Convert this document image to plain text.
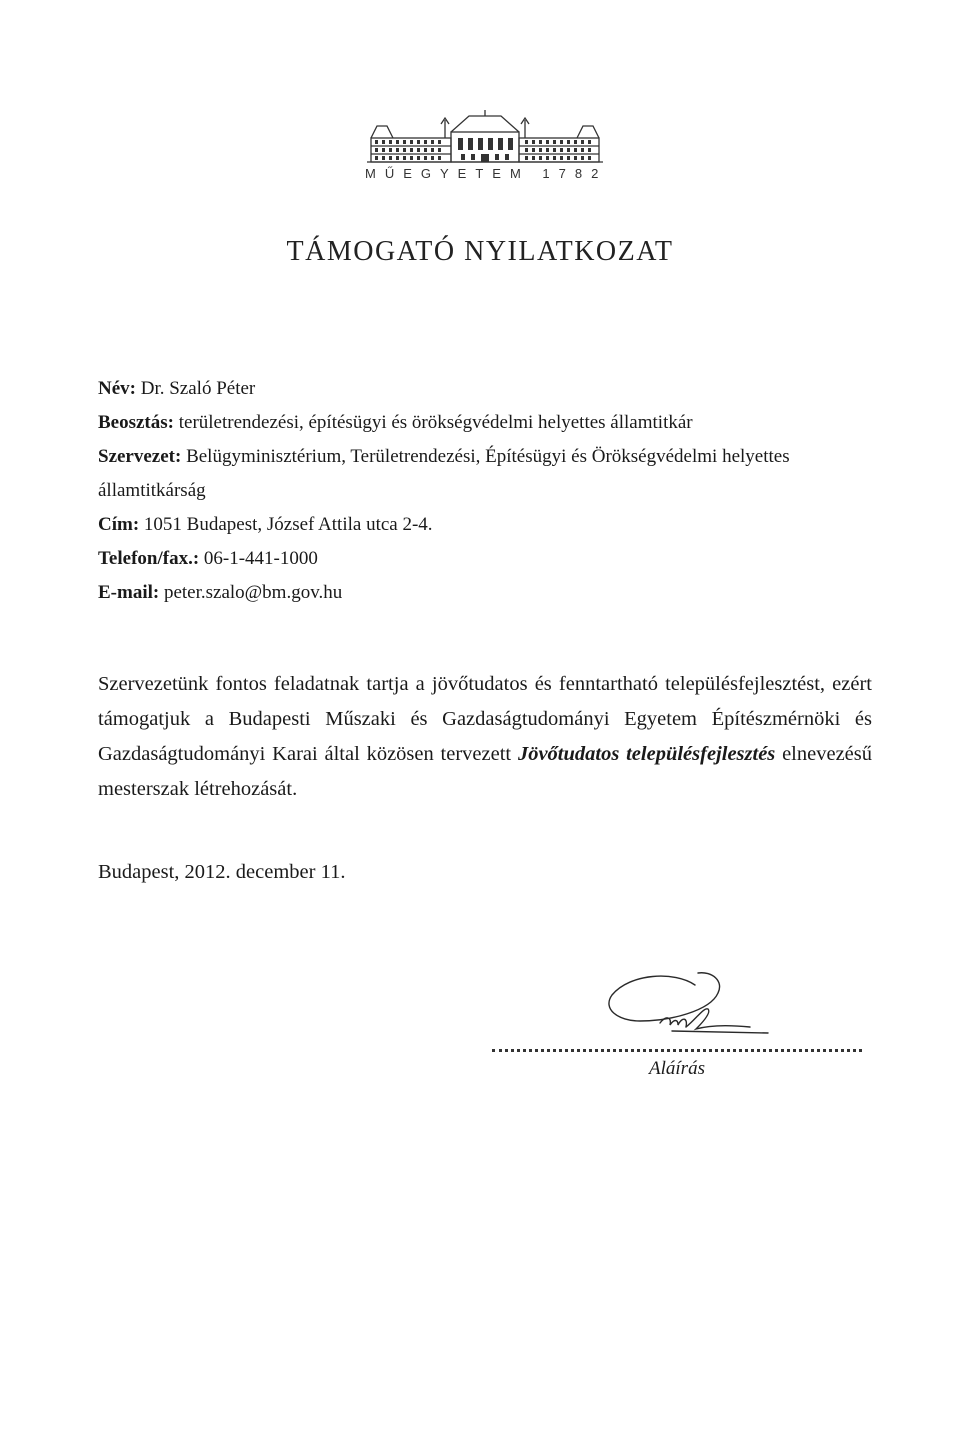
MŰEGYETEM 1782
TÁMOGATÓ NYILATKOZAT
Név: Dr. Szaló Péter
Beosztás: területrendezési, építésügyi és örökségvédelmi helyettes államtitkár
Szervezet: Belügyminisztérium, Területrendezési, Építésügyi és Örökségvédelmi helyettes államtitkárság
Cím: 1051 Budapest, József Attila utca 2-4.
Telefon/fax.: 06-1-441-1000
E-mail: peter.szalo@bm.gov.hu
Szervezetünk fontos feladatnak tartja a jövőtudatos és fenntartható településfejlesztést, ezért támogatjuk a Budapesti Műszaki és Gazdaságtudományi Egyetem Építészmérnöki és Gazdaságtudományi Karai által közösen tervezett Jövőtudatos településfejlesztés elnevezésű mesterszak létrehozását.
Budapest, 2012. december 11.
Aláírás
